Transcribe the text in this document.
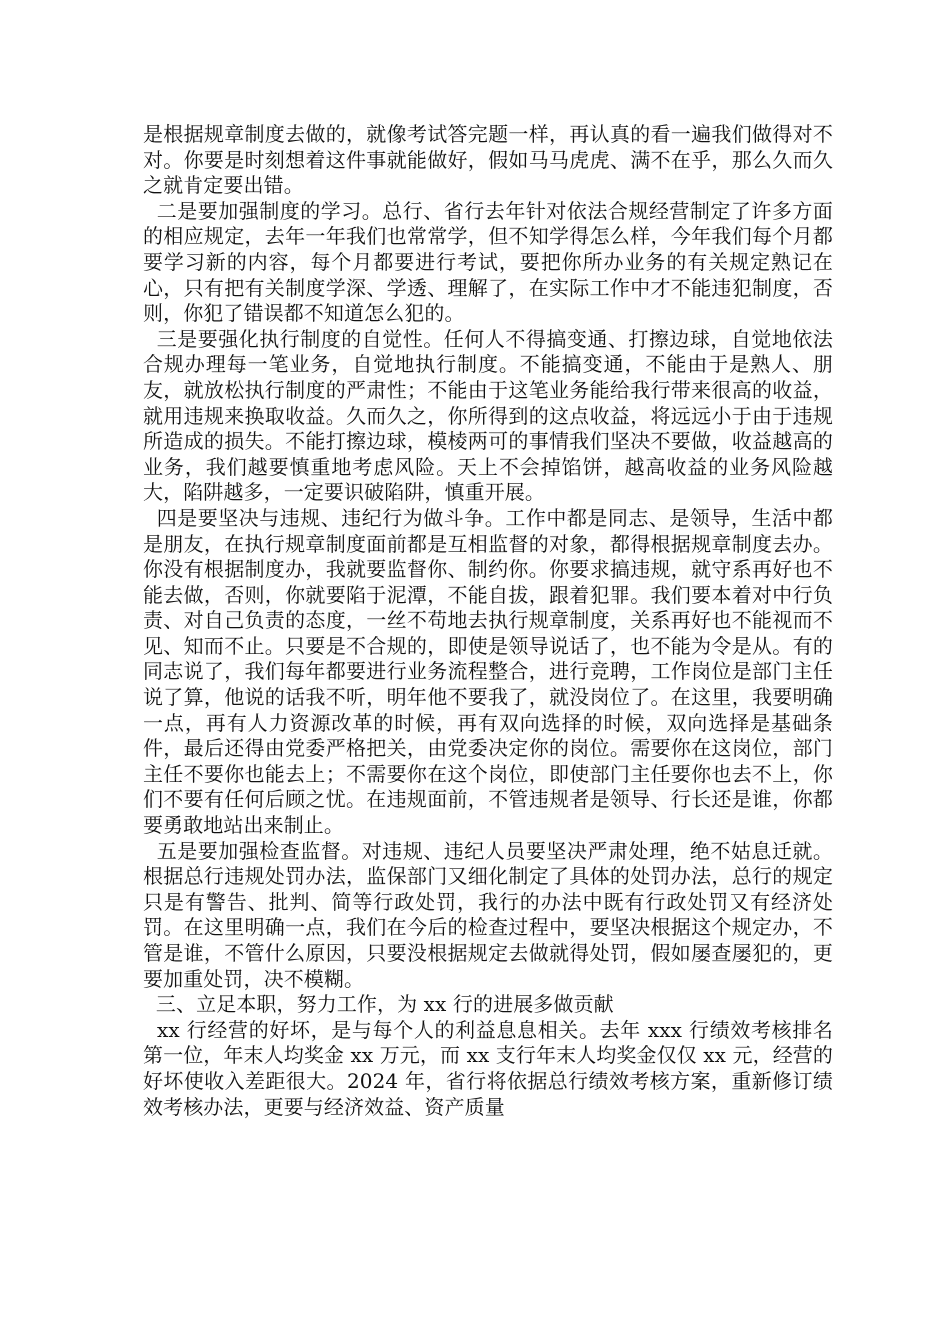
是根据规章制度去做的，就像考试答完题一样，再认真的看一遍我们做得对不对。你要是时刻想着这件事就能做好，假如马马虎虎、满不在乎，那么久而久之就肯定要出错。

二是要加强制度的学习。总行、省行去年针对依法合规经营制定了许多方面的相应规定，去年一年我们也常常学，但不知学得怎么样，今年我们每个月都要学习新的内容，每个月都要进行考试，要把你所办业务的有关规定熟记在心，只有把有关制度学深、学透、理解了，在实际工作中才不能违犯制度，否则，你犯了错误都不知道怎么犯的。

三是要强化执行制度的自觉性。任何人不得搞变通、打擦边球，自觉地依法合规办理每一笔业务，自觉地执行制度。不能搞变通，不能由于是熟人、朋友，就放松执行制度的严肃性；不能由于这笔业务能给我行带来很高的收益，就用违规来换取收益。久而久之，你所得到的这点收益，将远远小于由于违规所造成的损失。不能打擦边球，模棱两可的事情我们坚决不要做，收益越高的业务，我们越要慎重地考虑风险。天上不会掉馅饼，越高收益的业务风险越大，陷阱越多，一定要识破陷阱，慎重开展。

四是要坚决与违规、违纪行为做斗争。工作中都是同志、是领导，生活中都是朋友，在执行规章制度面前都是互相监督的对象，都得根据规章制度去办。你没有根据制度办，我就要监督你、制约你。你要求搞违规，就守系再好也不能去做，否则，你就要陷于泥潭，不能自拔，跟着犯罪。我们要本着对中行负责、对自己负责的态度，一丝不苟地去执行规章制度，关系再好也不能视而不见、知而不止。只要是不合规的，即使是领导说话了，也不能为令是从。有的同志说了，我们每年都要进行业务流程整合，进行竞聘，工作岗位是部门主任说了算，他说的话我不听，明年他不要我了，就没岗位了。在这里，我要明确一点，再有人力资源改革的时候，再有双向选择的时候，双向选择是基础条件，最后还得由党委严格把关，由党委决定你的岗位。需要你在这岗位，部门主任不要你也能去上；不需要你在这个岗位，即使部门主任要你也去不上，你们不要有任何后顾之忧。在违规面前，不管违规者是领导、行长还是谁，你都要勇敢地站出来制止。

五是要加强检查监督。对违规、违纪人员要坚决严肃处理，绝不姑息迁就。根据总行违规处罚办法，监保部门又细化制定了具体的处罚办法，总行的规定只是有警告、批判、简等行政处罚，我行的办法中既有行政处罚又有经济处罚。在这里明确一点，我们在今后的检查过程中，要坚决根据这个规定办，不管是谁，不管什么原因，只要没根据规定去做就得处罚，假如屡查屡犯的，更要加重处罚，决不模糊。

三、立足本职，努力工作，为 xx 行的进展多做贡献

xx 行经营的好坏，是与每个人的利益息息相关。去年 xxx 行绩效考核排名第一位，年末人均奖金 xx 万元，而 xx 支行年末人均奖金仅仅 xx 元，经营的好坏使收入差距很大。2024 年，省行将依据总行绩效考核方案，重新修订绩效考核办法，更要与经济效益、资产质量
